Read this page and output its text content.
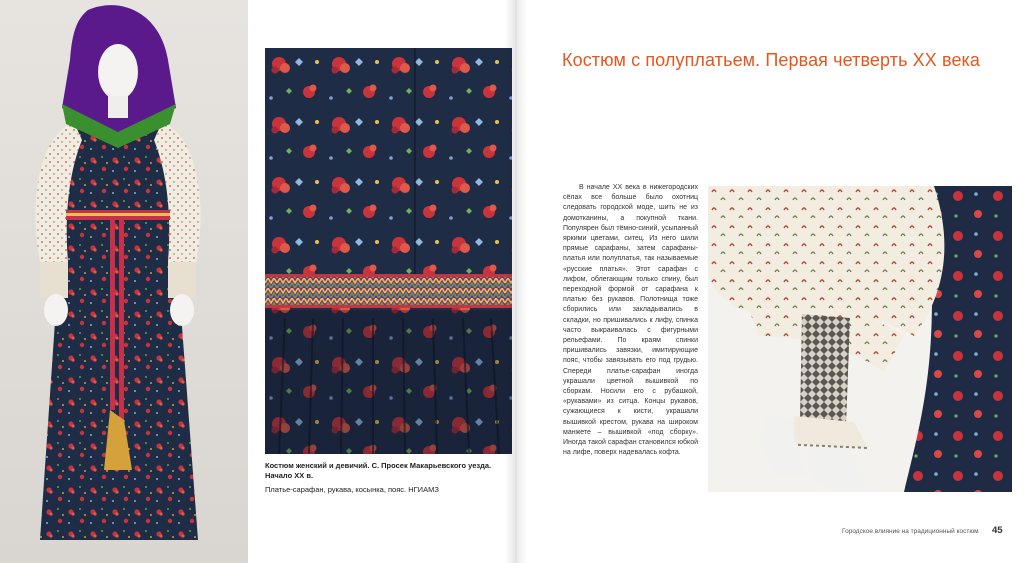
Костюм женский и девичий. С. Просек Макарьевского уезда. Начало XX в.
Платье-сарафан, рукава, косынка, пояс. НГИАМЗ
Костюм с полуплатьем. Первая четверть XX века

В начале XX века в нижегородских сёлах все больше было охотниц следовать городской моде, шить не из домотканины, а покупной ткани. Популярен был тёмно-синий, усыпанный яркими цветами, ситец. Из него шили прямые сарафаны, затем сарафаны-платья или полуплатья, так называемые «русские платья». Этот сарафан с лифом, облегающим только спину, был переходной формой от сарафана к платью без рукавов. Полотнища тоже сборились или закладывались в складки, но пришивались к лифу, спинка часто выкраивалась с фигурными рельефами. По краям спинки пришивались завязки, имитирующие пояс, чтобы завязывать его под грудью. Спереди платье-сарафан иногда украшали цветной вышивкой по сборкам. Носили его с рубашкой, «рукавами» из ситца. Концы рукавов, сужающиеся к кисти, украшали вышивкой крестом, рукава на широком манжете – вышивкой «под сборку». Иногда такой сарафан становился юбкой на лифе, поверх надевалась кофта.

Городское влияние на традиционный костюм 45
